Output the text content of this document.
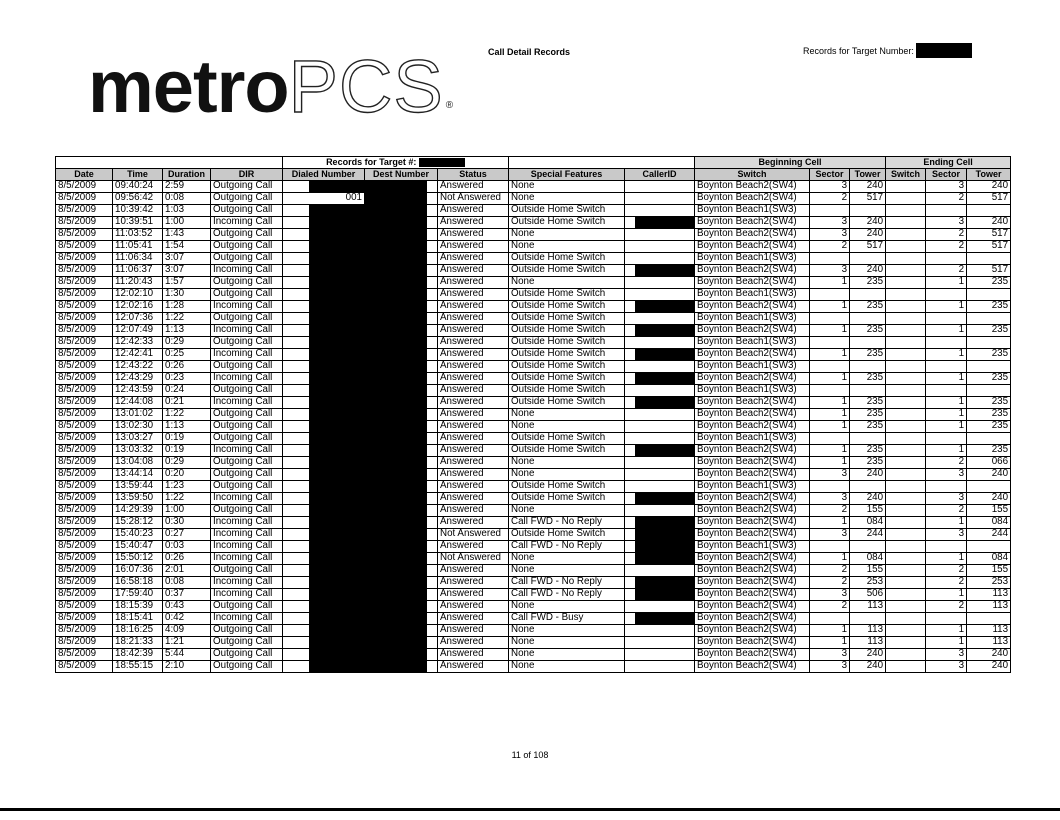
metroPCS ®
Call Detail Records	Records for Target Number:
				Records for Target #:					Beginning Cell			Ending Cell		
Date	Time	Duration	DIR	Dialed Number	Dest Number	Status	Special Features	CallerID	Switch	Sector	Tower	Switch	Sector	Tower
8/5/2009	09:40:24	2:59	Outgoing Call			Answered	None		Boynton Beach2(SW4)	3	240		3	240
8/5/2009	09:56:42	0:08	Outgoing Call	001		Not Answered	None		Boynton Beach2(SW4)	2	517		2	517
8/5/2009	10:39:42	1:03	Outgoing Call			Answered	Outside Home Switch		Boynton Beach1(SW3)					
8/5/2009	10:39:51	1:00	Incoming Call			Answered	Outside Home Switch		Boynton Beach2(SW4)	3	240		3	240
8/5/2009	11:03:52	1:43	Outgoing Call			Answered	None		Boynton Beach2(SW4)	3	240		2	517
8/5/2009	11:05:41	1:54	Outgoing Call			Answered	None		Boynton Beach2(SW4)	2	517		2	517
8/5/2009	11:06:34	3:07	Outgoing Call			Answered	Outside Home Switch		Boynton Beach1(SW3)					
8/5/2009	11:06:37	3:07	Incoming Call			Answered	Outside Home Switch		Boynton Beach2(SW4)	3	240		2	517
8/5/2009	11:20:43	1:57	Outgoing Call			Answered	None		Boynton Beach2(SW4)	1	235		1	235
8/5/2009	12:02:10	1:30	Outgoing Call			Answered	Outside Home Switch		Boynton Beach1(SW3)					
8/5/2009	12:02:16	1:28	Incoming Call			Answered	Outside Home Switch		Boynton Beach2(SW4)	1	235		1	235
8/5/2009	12:07:36	1:22	Outgoing Call			Answered	Outside Home Switch		Boynton Beach1(SW3)					
8/5/2009	12:07:49	1:13	Incoming Call			Answered	Outside Home Switch		Boynton Beach2(SW4)	1	235		1	235
8/5/2009	12:42:33	0:29	Outgoing Call			Answered	Outside Home Switch		Boynton Beach1(SW3)					
8/5/2009	12:42:41	0:25	Incoming Call			Answered	Outside Home Switch		Boynton Beach2(SW4)	1	235		1	235
8/5/2009	12:43:22	0:26	Outgoing Call			Answered	Outside Home Switch		Boynton Beach1(SW3)					
8/5/2009	12:43:29	0:23	Incoming Call			Answered	Outside Home Switch		Boynton Beach2(SW4)	1	235		1	235
8/5/2009	12:43:59	0:24	Outgoing Call			Answered	Outside Home Switch		Boynton Beach1(SW3)					
8/5/2009	12:44:08	0:21	Incoming Call			Answered	Outside Home Switch		Boynton Beach2(SW4)	1	235		1	235
8/5/2009	13:01:02	1:22	Outgoing Call			Answered	None		Boynton Beach2(SW4)	1	235		1	235
8/5/2009	13:02:30	1:13	Outgoing Call			Answered	None		Boynton Beach2(SW4)	1	235		1	235
8/5/2009	13:03:27	0:19	Outgoing Call			Answered	Outside Home Switch		Boynton Beach1(SW3)					
8/5/2009	13:03:32	0:19	Incoming Call			Answered	Outside Home Switch		Boynton Beach2(SW4)	1	235		1	235
8/5/2009	13:04:08	0:29	Outgoing Call			Answered	None		Boynton Beach2(SW4)	1	235		2	066
8/5/2009	13:44:14	0:20	Outgoing Call			Answered	None		Boynton Beach2(SW4)	3	240		3	240
8/5/2009	13:59:44	1:23	Outgoing Call			Answered	Outside Home Switch		Boynton Beach1(SW3)					
8/5/2009	13:59:50	1:22	Incoming Call			Answered	Outside Home Switch		Boynton Beach2(SW4)	3	240		3	240
8/5/2009	14:29:39	1:00	Outgoing Call			Answered	None		Boynton Beach2(SW4)	2	155		2	155
8/5/2009	15:28:12	0:30	Incoming Call			Answered	Call FWD - No Reply		Boynton Beach2(SW4)	1	084		1	084
8/5/2009	15:40:23	0:27	Incoming Call			Not Answered	Outside Home Switch		Boynton Beach2(SW4)	3	244		3	244
8/5/2009	15:40:47	0:03	Incoming Call			Answered	Call FWD - No Reply		Boynton Beach1(SW3)					
8/5/2009	15:50:12	0:26	Incoming Call			Not Answered	None		Boynton Beach2(SW4)	1	084		1	084
8/5/2009	16:07:36	2:01	Outgoing Call			Answered	None		Boynton Beach2(SW4)	2	155		2	155
8/5/2009	16:58:18	0:08	Incoming Call			Answered	Call FWD - No Reply		Boynton Beach2(SW4)	2	253		2	253
8/5/2009	17:59:40	0:37	Incoming Call			Answered	Call FWD - No Reply		Boynton Beach2(SW4)	3	506		1	113
8/5/2009	18:15:39	0:43	Outgoing Call			Answered	None		Boynton Beach2(SW4)	2	113		2	113
8/5/2009	18:15:41	0:42	Incoming Call			Answered	Call FWD - Busy		Boynton Beach2(SW4)					
8/5/2009	18:16:25	4:09	Outgoing Call			Answered	None		Boynton Beach2(SW4)	1	113		1	113
8/5/2009	18:21:33	1:21	Outgoing Call			Answered	None		Boynton Beach2(SW4)	1	113		1	113
8/5/2009	18:42:39	5:44	Outgoing Call			Answered	None		Boynton Beach2(SW4)	3	240		3	240
8/5/2009	18:55:15	2:10	Outgoing Call			Answered	None		Boynton Beach2(SW4)	3	240		3	240
11 of 108
